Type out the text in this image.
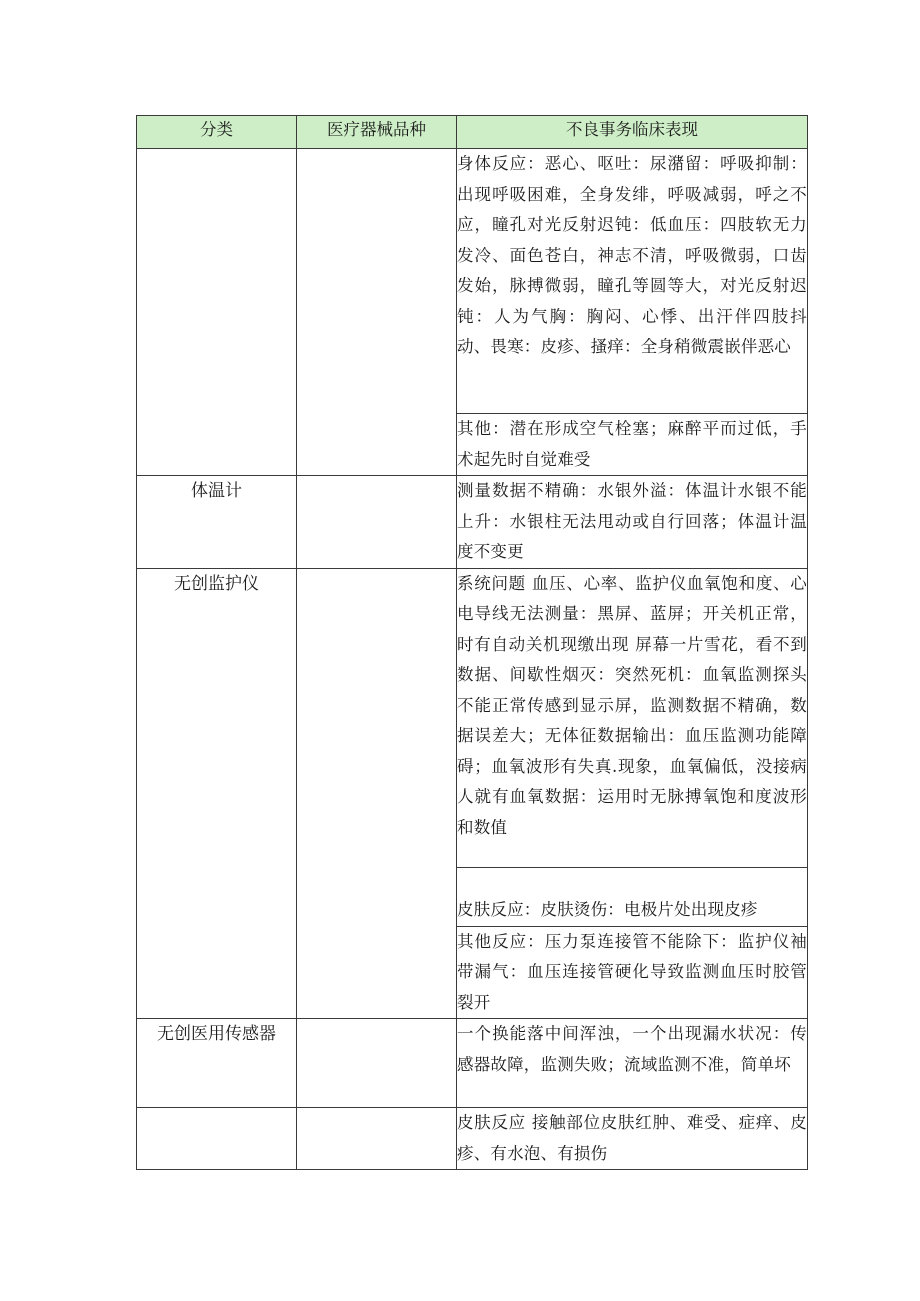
分类	医疗器械品种	不良事务临床表现
		身体反应：恶心、呕吐：尿潴留：呼吸抑制：出现呼吸困难，全身发绯，呼吸减弱，呼之不应，瞳孔对光反射迟钝：低血压：四肢软无力发冷、面色苍白，神志不清，呼吸微弱，口齿发始，脉搏微弱，瞳孔等圆等大，对光反射迟钝：人为气胸：胸闷、心悸、出汗伴四肢抖动、畏寒：皮疹、搔痒：全身稍微震嵌伴恶心
		其他：潜在形成空气栓塞；麻醉平而过低，手术起先时自觉难受
体温计		测量数据不精确：水银外溢：体温计水银不能上升：水银柱无法甩动或自行回落；体温计温度不变更
无创监护仪		系统问题 血压、心率、监护仪血氧饱和度、心电导线无法测量：黑屏、蓝屏；开关机正常，时有自动关机现缴出现 屏幕一片雪花，看不到数据、间歇性烟灭：突然死机：血氧监测探头不能正常传感到显示屏，监测数据不精确，数据误差大；无体征数据输出：血压监测功能障碍；血氧波形有失真.现象，血氧偏低，没接病人就有血氧数据：运用时无脉搏氧饱和度波形和数值
		皮肤反应：皮肤烫伤：电极片处出现皮疹
		其他反应：压力泵连接管不能除下：监护仪袖带漏气：血压连接管硬化导致监测血压时胶管裂开
无创医用传感器		一个换能落中间浑浊，一个出现漏水状况：传感器故障，监测失败；流域监测不准，简单坏
		皮肤反应 接触部位皮肤红肿、难受、症痒、皮疹、有水泡、有损伤
